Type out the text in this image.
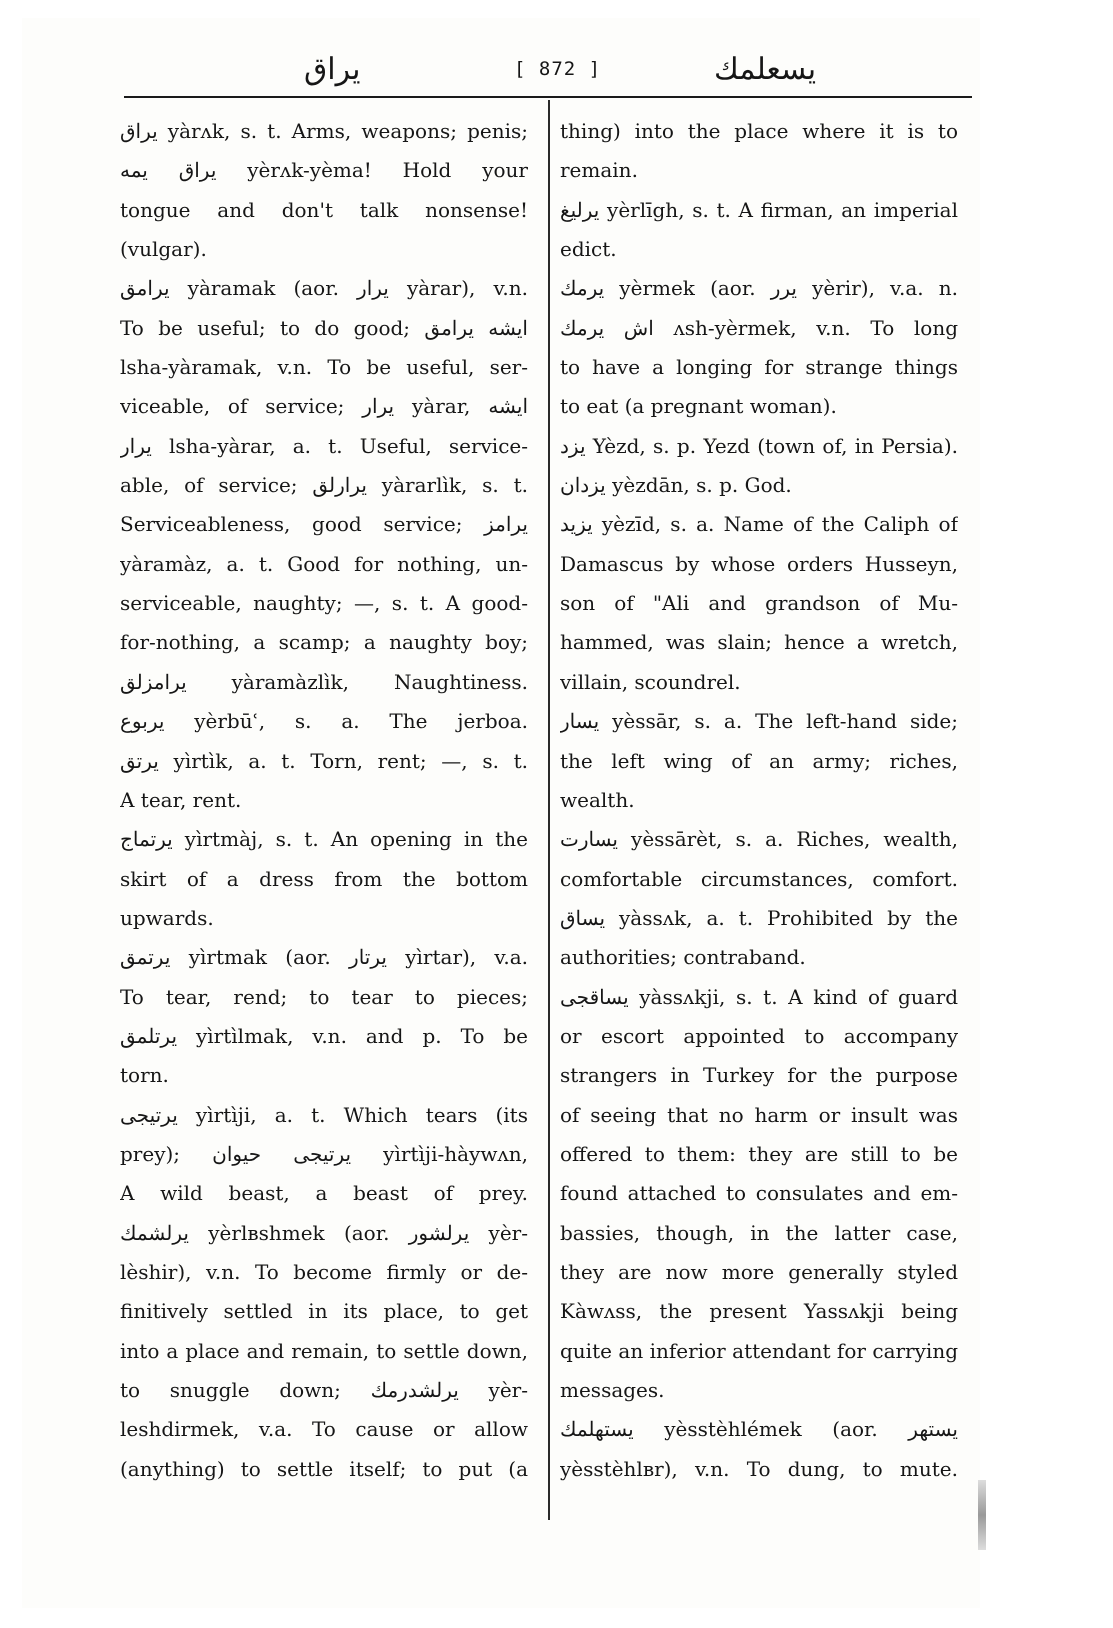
يراق	[ 872 ]	يسعلمك
يراق yàrʌk, s. t. Arms, weapons; penis;
يراق يمه yèrʌk-yèma! Hold your
tongue and don't talk nonsense!
(vulgar).
يرامق yàramak (aor. يرار yàrar), v.n.
To be useful; to do good; ايشه يرامق
lsha-yàramak, v.n. To be useful, ser-
viceable, of service; يرار yàrar, ايشه
يرار lsha-yàrar, a. t. Useful, service-
able, of service; يرارلق yàrarlìk, s. t.
Serviceableness, good service; يرامز
yàramàz, a. t. Good for nothing, un-
serviceable, naughty; —, s. t. A good-
for-nothing, a scamp; a naughty boy;
يرامزلق yàramàzlìk, Naughtiness.
يربوع yèrbūʿ, s. a. The jerboa.
يرتق yìrtìk, a. t. Torn, rent; —, s. t.
A tear, rent.
يرتماج yìrtmàj, s. t. An opening in the
skirt of a dress from the bottom
upwards.
يرتمق yìrtmak (aor. يرتار yìrtar), v.a.
To tear, rend; to tear to pieces;
يرتلمق yìrtìlmak, v.n. and p. To be
torn.
يرتيجى yìrtìji, a. t. Which tears (its
prey); يرتيجى حيوان yìrtìji-hàywʌn,
A wild beast, a beast of prey.
يرلشمك yèrlʙshmek (aor. يرلشور yèr-
lèshir), v.n. To become firmly or de-
finitively settled in its place, to get
into a place and remain, to settle down,
to snuggle down; يرلشدرمك yèr-
leshdirmek, v.a. To cause or allow
(anything) to settle itself; to put (a
thing) into the place where it is to
remain.
يرليغ yèrlīgh, s. t. A firman, an imperial
edict.
يرمك yèrmek (aor. يرر yèrir), v.a. n.
اش يرمك ʌsh-yèrmek, v.n. To long
to have a longing for strange things
to eat (a pregnant woman).
يزد Yèzd, s. p. Yezd (town of, in Persia).
يزدان yèzdān, s. p. God.
يزيد yèzīd, s. a. Name of the Caliph of
Damascus by whose orders Husseyn,
son of "Ali and grandson of Mu-
hammed, was slain; hence a wretch,
villain, scoundrel.
يسار yèssār, s. a. The left-hand side;
the left wing of an army; riches,
wealth.
يسارت yèssārèt, s. a. Riches, wealth,
comfortable circumstances, comfort.
يساق yàssʌk, a. t. Prohibited by the
authorities; contraband.
يساقجى yàssʌkji, s. t. A kind of guard
or escort appointed to accompany
strangers in Turkey for the purpose
of seeing that no harm or insult was
offered to them: they are still to be
found attached to consulates and em-
bassies, though, in the latter case,
they are now more generally styled
Kàwʌss, the present Yassʌkji being
quite an inferior attendant for carrying
messages.
يستهلمك yèsstèhlémek (aor. يستهر
yèsstèhlʙr), v.n. To dung, to mute.
